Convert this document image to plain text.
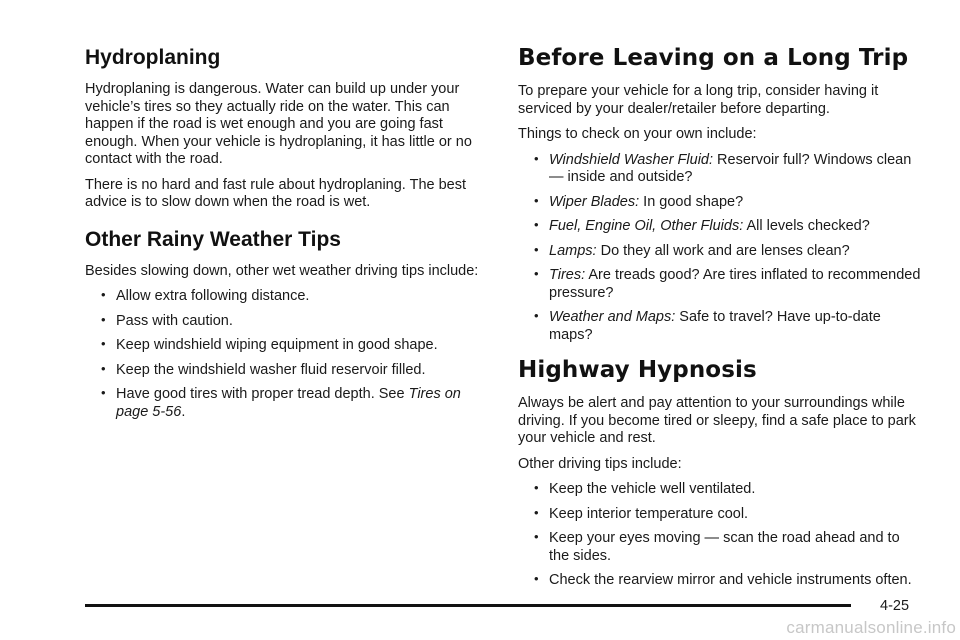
Hydroplaning

Hydroplaning is dangerous. Water can build up under your vehicle’s tires so they actually ride on the water. This can happen if the road is wet enough and you are going fast enough. When your vehicle is hydroplaning, it has little or no contact with the road.

There is no hard and fast rule about hydroplaning. The best advice is to slow down when the road is wet.

Other Rainy Weather Tips

Besides slowing down, other wet weather driving tips include:

• Allow extra following distance.
• Pass with caution.
• Keep windshield wiping equipment in good shape.
• Keep the windshield washer fluid reservoir filled.
• Have good tires with proper tread depth. See Tires on page 5-56.
Before Leaving on a Long Trip

To prepare your vehicle for a long trip, consider having it serviced by your dealer/retailer before departing.

Things to check on your own include:

• Windshield Washer Fluid: Reservoir full? Windows clean — inside and outside?
• Wiper Blades: In good shape?
• Fuel, Engine Oil, Other Fluids: All levels checked?
• Lamps: Do they all work and are lenses clean?
• Tires: Are treads good? Are tires inflated to recommended pressure?
• Weather and Maps: Safe to travel? Have up-to-date maps?
Highway Hypnosis

Always be alert and pay attention to your surroundings while driving. If you become tired or sleepy, find a safe place to park your vehicle and rest.

Other driving tips include:

• Keep the vehicle well ventilated.
• Keep interior temperature cool.
• Keep your eyes moving — scan the road ahead and to the sides.
• Check the rearview mirror and vehicle instruments often.
4-25
carmanualsonline.info
